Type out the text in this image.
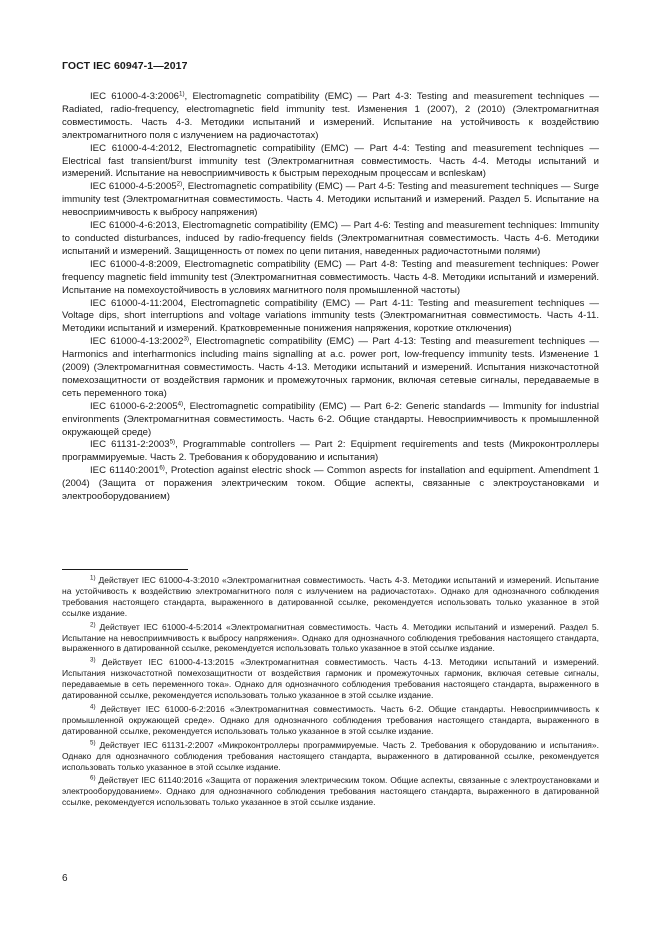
ГОСТ IEC 60947-1—2017

IEC 61000-4-3:2006$^{1)}$, Electromagnetic compatibility (EMC) — Part 4-3: Testing and measurement techniques — Radiated, radio-frequency, electromagnetic field immunity test. Изменения 1 (2007), 2 (2010) (Электромагнитная совместимость. Часть 4-3. Методики испытаний и измерений. Испытание на устойчивость к воздействию электромагнитного поля с излучением на радиочастотах)

IEC 61000-4-4:2012, Electromagnetic compatibility (EMC) — Part 4-4: Testing and measurement techniques — Electrical fast transient/burst immunity test (Электромагнитная совместимость. Часть 4-4. Методы испытаний и измерений. Испытание на невосприимчивость к быстрым переходным процессам и вспleskам)

IEC 61000-4-5:2005$^{2)}$, Electromagnetic compatibility (EMC) — Part 4-5: Testing and measurement techniques — Surge immunity test (Электромагнитная совместимость. Часть 4. Методики испытаний и измерений. Раздел 5. Испытание на невосприимчивость к выбросу напряжения)

IEC 61000-4-6:2013, Electromagnetic compatibility (EMC) — Part 4-6: Testing and measurement techniques: Immunity to conducted disturbances, induced by radio-frequency fields (Электромагнитная совместимость. Часть 4-6. Методики испытаний и измерений. Защищенность от помех по цепи питания, наведенных радиочастотными полями)

IEC 61000-4-8:2009, Electromagnetic compatibility (EMC) — Part 4-8: Testing and measurement techniques: Power frequency magnetic field immunity test (Электромагнитная совместимость. Часть 4-8. Методики испытаний и измерений. Испытание на помехоустойчивость в условиях магнитного поля промышленной частоты)

IEC 61000-4-11:2004, Electromagnetic compatibility (EMC) — Part 4-11: Testing and measurement techniques — Voltage dips, short interruptions and voltage variations immunity tests (Электромагнитная совместимость. Часть 4-11. Методики испытаний и измерений. Кратковременные понижения напряжения, короткие отключения)

IEC 61000-4-13:2002$^{3)}$, Electromagnetic compatibility (EMC) — Part 4-13: Testing and measurement techniques — Harmonics and interharmonics including mains signalling at a.c. power port, low-frequency immunity tests. Изменение 1 (2009) (Электромагнитная совместимость. Часть 4-13. Методики испытаний и измерений. Испытания низкочастотной помехозащитности от воздействия гармоник и промежуточных гармоник, включая сетевые сигналы, передаваемые в сеть переменного тока)

IEC 61000-6-2:2005$^{4)}$, Electromagnetic compatibility (EMC) — Part 6-2: Generic standards — Immunity for industrial environments (Электромагнитная совместимость. Часть 6-2. Общие стандарты. Невосприимчивость к промышленной окружающей среде)

IEC 61131-2:2003$^{5)}$, Programmable controllers — Part 2: Equipment requirements and tests (Микроконтроллеры программируемые. Часть 2. Требования к оборудованию и испытания)

IEC 61140:2001$^{6)}$, Protection against electric shock — Common aspects for installation and equipment. Amendment 1 (2004) (Защита от поражения электрическим током. Общие аспекты, связанные с электроустановками и электрооборудованием)

$^{1)}$ Действует IEC 61000-4-3:2010 «Электромагнитная совместимость. Часть 4-3. Методики испытаний и измерений. Испытание на устойчивость к воздействию электромагнитного поля с излучением на радиочастотах». Однако для однозначного соблюдения требования настоящего стандарта, выраженного в датированной ссылке, рекомендуется использовать только указанное в этой ссылке издание.

$^{2)}$ Действует IEC 61000-4-5:2014 «Электромагнитная совместимость. Часть 4. Методики испытаний и измерений. Раздел 5. Испытание на невосприимчивость к выбросу напряжения». Однако для однозначного соблюдения требования настоящего стандарта, выраженного в датированной ссылке, рекомендуется использовать только указанное в этой ссылке издание.

$^{3)}$ Действует IEC 61000-4-13:2015 «Электромагнитная совместимость. Часть 4-13. Методики испытаний и измерений. Испытания низкочастотной помехозащитности от воздействия гармоник и промежуточных гармоник, включая сетевые сигналы, передаваемые в сеть переменного тока». Однако для однозначного соблюдения требования настоящего стандарта, выраженного в датированной ссылке, рекомендуется использовать только указанное в этой ссылке издание.

$^{4)}$ Действует IEC 61000-6-2:2016 «Электромагнитная совместимость. Часть 6-2. Общие стандарты. Невосприимчивость к промышленной окружающей среде». Однако для однозначного соблюдения требования настоящего стандарта, выраженного в датированной ссылке, рекомендуется использовать только указанное в этой ссылке издание.

$^{5)}$ Действует IEC 61131-2:2007 «Микроконтроллеры программируемые. Часть 2. Требования к оборудованию и испытания». Однако для однозначного соблюдения требования настоящего стандарта, выраженного в датированной ссылке, рекомендуется использовать только указанное в этой ссылке издание.

$^{6)}$ Действует IEC 61140:2016 «Защита от поражения электрическим током. Общие аспекты, связанные с электроустановками и электрооборудованием». Однако для однозначного соблюдения требования настоящего стандарта, выраженного в датированной ссылке, рекомендуется использовать только указанное в этой ссылке издание.

6
